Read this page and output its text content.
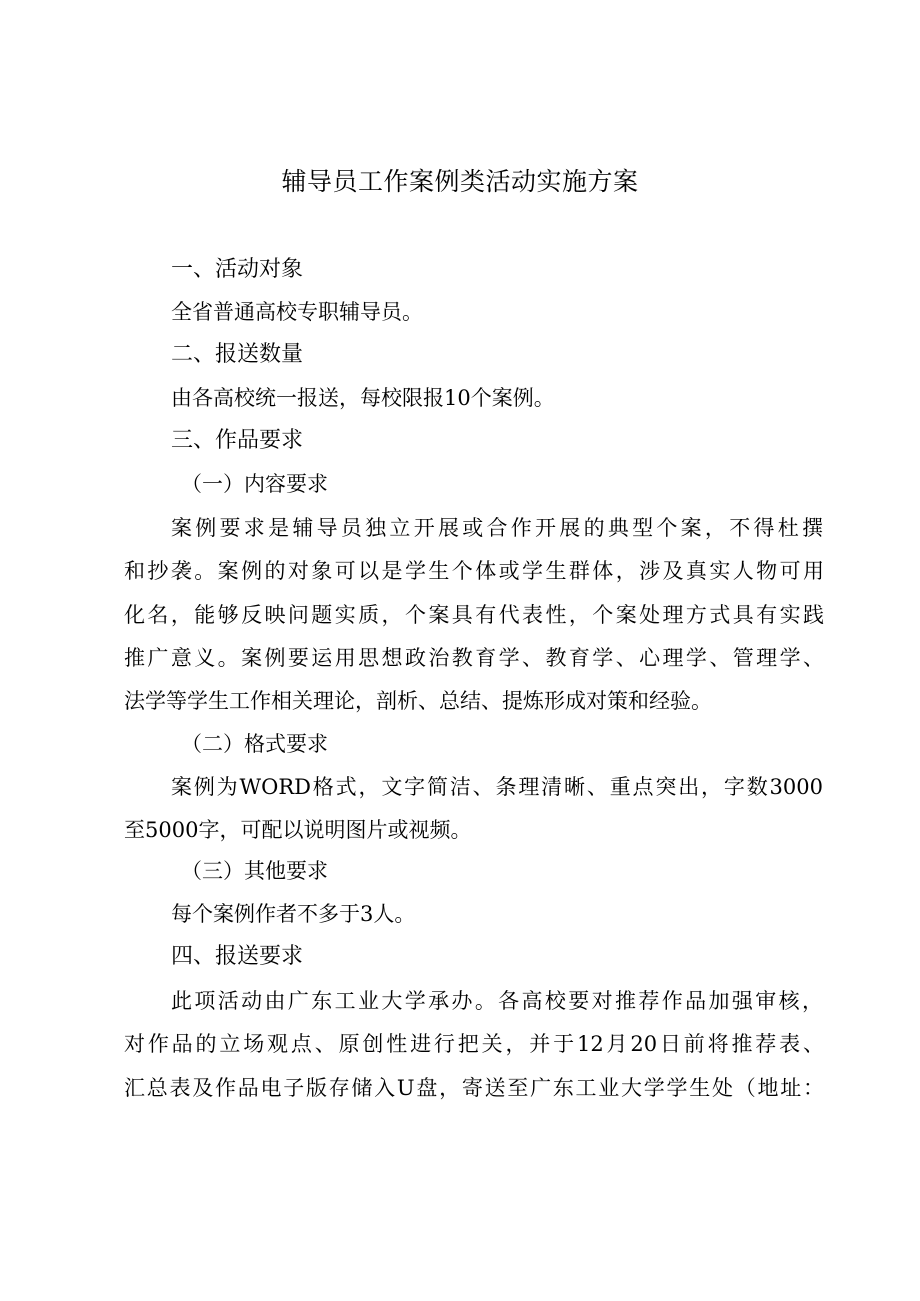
辅导员工作案例类活动实施方案
一、活动对象
全省普通高校专职辅导员。
二、报送数量
由各高校统一报送，每校限报10个案例。
三、作品要求
（一）内容要求
案例要求是辅导员独立开展或合作开展的典型个案，不得杜撰
和抄袭。案例的对象可以是学生个体或学生群体，涉及真实人物可用
化名，能够反映问题实质，个案具有代表性，个案处理方式具有实践
推广意义。案例要运用思想政治教育学、教育学、心理学、管理学、
法学等学生工作相关理论，剖析、总结、提炼形成对策和经验。
（二）格式要求
案例为WORD格式，文字简洁、条理清晰、重点突出，字数3000
至5000字，可配以说明图片或视频。
（三）其他要求
每个案例作者不多于3人。
四、报送要求
此项活动由广东工业大学承办。各高校要对推荐作品加强审核，
对作品的立场观点、原创性进行把关，并于12月20日前将推荐表、
汇总表及作品电子版存储入U盘，寄送至广东工业大学学生处（地址：
